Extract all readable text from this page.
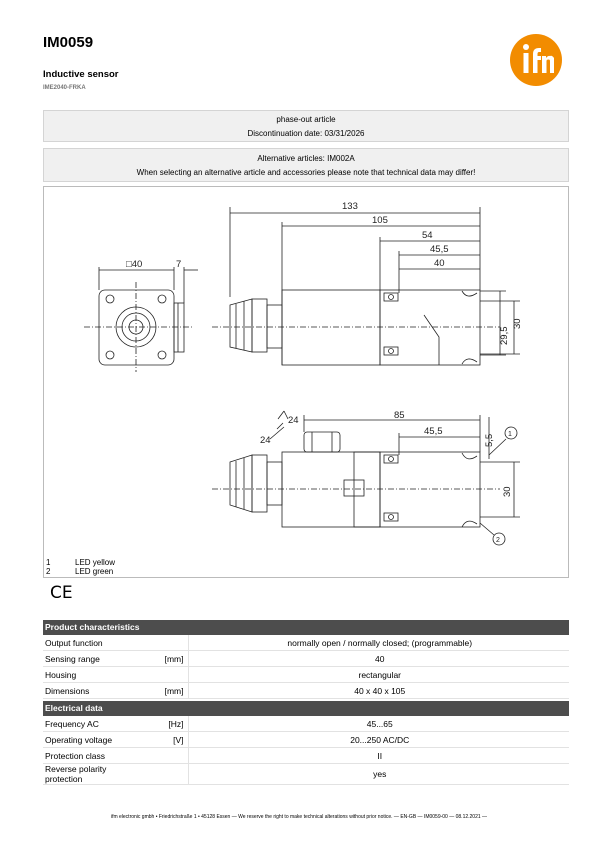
IM0059
Inductive sensor
IME2040-FRKA
phase-out article
Discontinuation date: 03/31/2026
Alternative articles: IM002A
When selecting an alternative article and accessories please note that technical data may differ!
133
105
54
45,5
40
□40	7
30
29,5
85
45,5
5,5
30
24
24
1
2
1	LED yellow
2	LED green
CE
Product characteristics
Output function		normally open / normally closed; (programmable)
Sensing range	[mm]	40
Housing		rectangular
Dimensions	[mm]	40 x 40 x 105
Electrical data
Frequency AC	[Hz]	45...65
Operating voltage	[V]	20...250 AC/DC
Protection class		II
Reverse polarity protection		yes
ifm electronic gmbh • Friedrichstraße 1 • 45128 Essen — We reserve the right to make technical alterations without prior notice. — EN-GB — IM0059-00 — 08.12.2021 —
